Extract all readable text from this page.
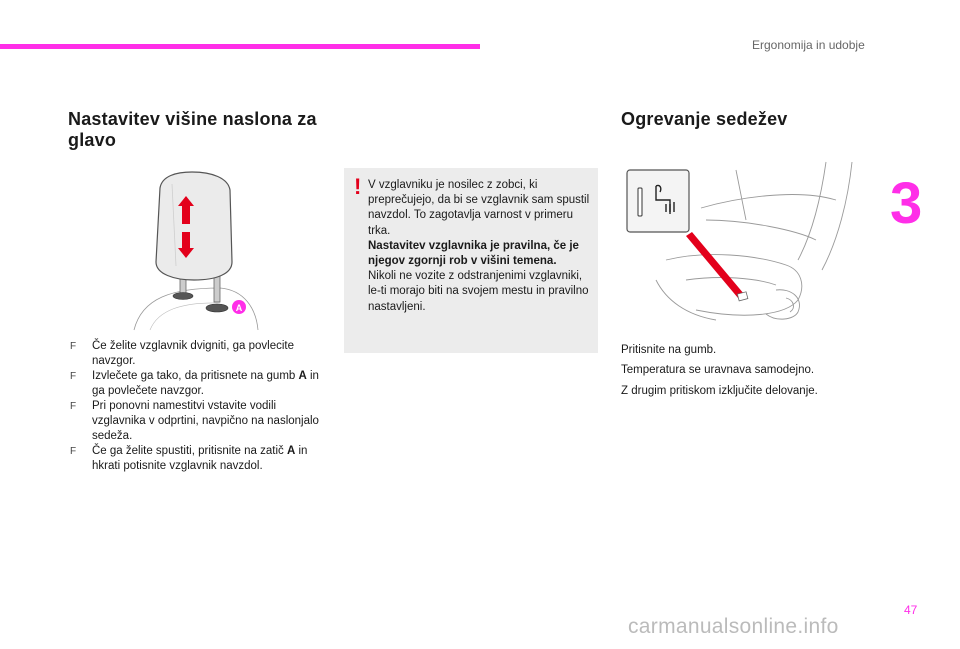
Ergonomija in udobje
3
Nastavitev višine naslona za glavo
A
F Če želite vzglavnik dvigniti, ga povlecite navzgor.
F Izvlečete ga tako, da pritisnete na gumb A in ga povlečete navzgor.
F Pri ponovni namestitvi vstavite vodili vzglavnika v odprtini, navpično na naslonjalo sedeža.
F Če ga želite spustiti, pritisnite na zatič A in hkrati potisnite vzglavnik navzdol.
! V vzglavniku je nosilec z zobci, ki preprečujejo, da bi se vzglavnik sam spustil navzdol. To zagotavlja varnost v primeru trka.
Nastavitev vzglavnika je pravilna, če je njegov zgornji rob v višini temena.
Nikoli ne vozite z odstranjenimi vzglavniki, le-ti morajo biti na svojem mestu in pravilno nastavljeni.
Ogrevanje sedežev

Pritisnite na gumb.

Temperatura se uravnava samodejno.

Z drugim pritiskom izključite delovanje.

47
carmanualsonline.info
